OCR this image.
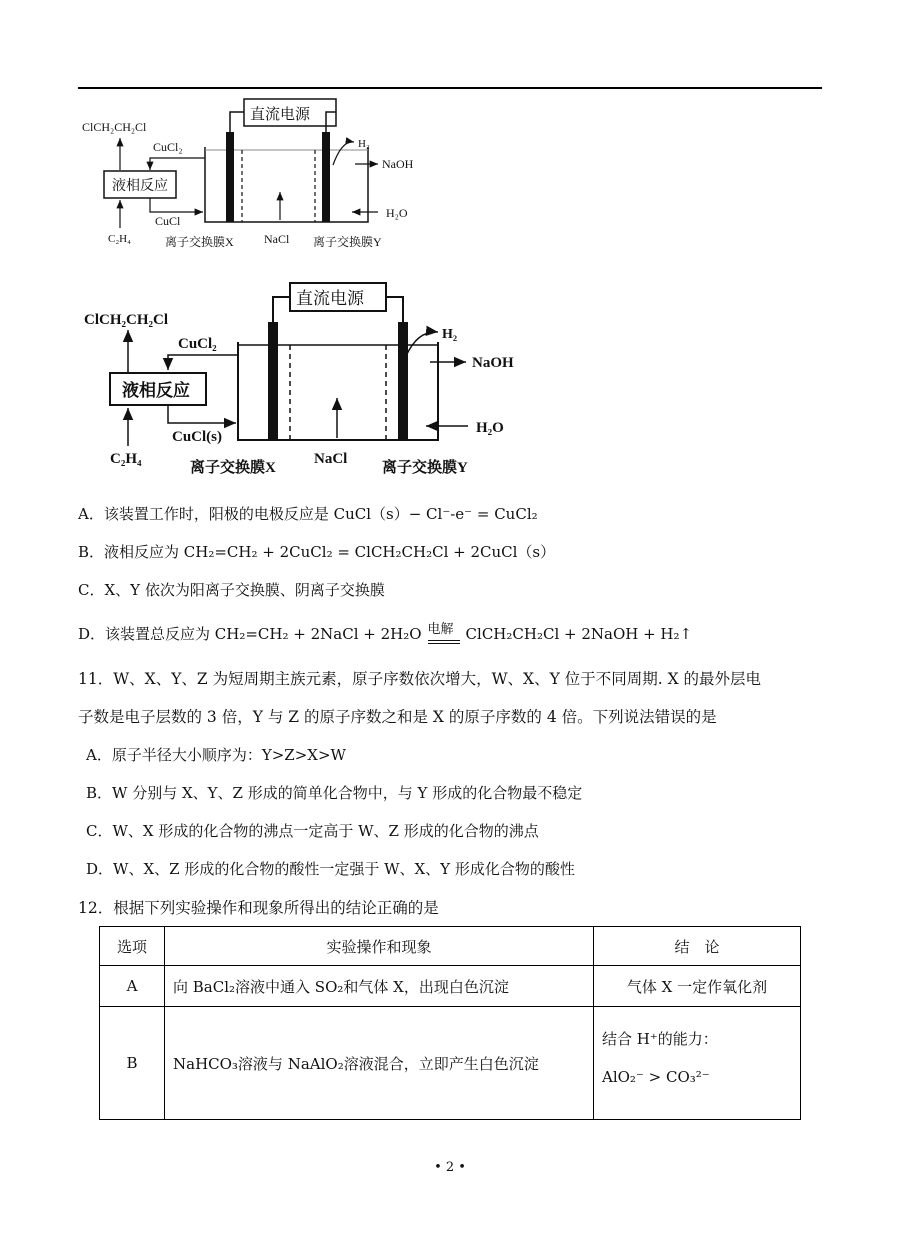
直流电源
ClCH₂CH₂Cl
CuCl₂
液相反应
CuCl
C₂H₄
H₂
NaOH
H₂O
NaCl
离子交换膜X	离子交换膜Y
直流电源
ClCH₂CH₂Cl
CuCl₂
液相反应
CuCl(s)
C₂H₄
H₂
NaOH
H₂O
NaCl
离子交换膜X	离子交换膜Y
A．该装置工作时，阳极的电极反应是 CuCl（s）− Cl⁻-e⁻ = CuCl₂
B．液相反应为 CH₂=CH₂ + 2CuCl₂ = ClCH₂CH₂Cl + 2CuCl（s）
C．X、Y 依次为阳离子交换膜、阴离子交换膜
D．该装置总反应为 CH₂=CH₂ + 2NaCl + 2H₂O 电解 ClCH₂CH₂Cl + 2NaOH + H₂↑
11．W、X、Y、Z 为短周期主族元素，原子序数依次增大，W、X、Y 位于不同周期. X 的最外层电
子数是电子层数的 3 倍，Y 与 Z 的原子序数之和是 X 的原子序数的 4 倍。下列说法错误的是
A．原子半径大小顺序为：Y>Z>X>W
B．W 分别与 X、Y、Z 形成的简单化合物中，与 Y 形成的化合物最不稳定
C．W、X 形成的化合物的沸点一定高于 W、Z 形成的化合物的沸点
D．W、X、Z 形成的化合物的酸性一定强于 W、X、Y 形成化合物的酸性
12．根据下列实验操作和现象所得出的结论正确的是
选项	实验操作和现象	结　论
A	向 BaCl₂溶液中通入 SO₂和气体 X，出现白色沉淀	气体 X 一定作氧化剂
B	NaHCO₃溶液与 NaAlO₂溶液混合，立即产生白色沉淀	结合 H⁺的能力：
AlO₂⁻ > CO₃²⁻
• 2 •
